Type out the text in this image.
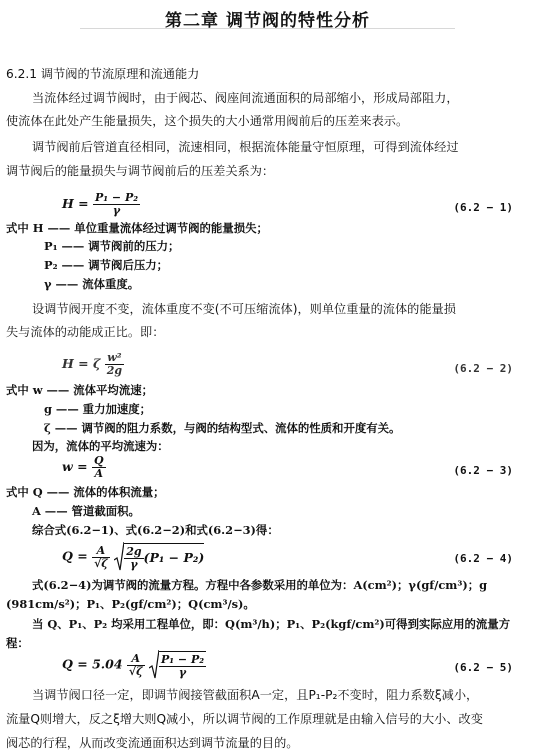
第二章 调节阀的特性分析
6.2.1 调节阀的节流原理和流通能力
当流体经过调节阀时，由于阀芯、阀座间流通面积的局部缩小，形成局部阻力，
使流体在此处产生能量损失，这个损失的大小通常用阀前后的压差来表示。
调节阀前后管道直径相同，流速相同，根据流体能量守恒原理，可得到流体经过
调节阀后的能量损失与调节阀前后的压差关系为：
$H = \frac{\text{P₁ − P₂}}{\gamma}$	(6.2 − 1)
式中 H —— 单位重量流体经过调节阀的能量损失；
P₁ —— 调节阀前的压力；
P₂ —— 调节阀后压力；
γ —— 流体重度。
设调节阀开度不变，流体重度不变(不可压缩流体)，则单位重量的流体的能量损
失与流体的动能成正比。即：
H = ζ $\frac{\text{w²}}{2g}$	(6.2 − 2)
式中 w —— 流体平均流速；
g —— 重力加速度；
ζ —— 调节阀的阻力系数，与阀的结构型式、流体的性质和开度有关。
因为，流体的平均流速为：
$w = \frac{Q}{A}$	(6.2 − 3)
式中 Q —— 流体的体积流量；
A —— 管道截面积。
综合式(6.2−1)、式(6.2−2)和式(6.2−3)得：
$Q = \frac{A}{√\zeta}$
$\frac{2g}{\gamma} (P_1 - P_2)$	(6.2 − 4)
式(6.2−4)为调节阀的流量方程。方程中各参数采用的单位为：A(cm²)；γ(gf/cm³)；g
(981cm/s²)；P₁、P₂(gf/cm²)；Q(cm³/s)。
当 Q、P₁、P₂ 均采用工程单位，即：Q(m³/h)；P₁、P₂(kgf/cm²)可得到实际应用的流量方
程：
$Q = 5.04 \frac{A}{√\zeta}$
$\frac{\text{P₁ − P₂}}{\gamma}$	(6.2 − 5)
当调节阀口径一定，即调节阀接管截面积A一定，且P₁-P₂不变时，阻力系数ξ减小，
流量Q则增大，反之ξ增大则Q减小，所以调节阀的工作原理就是由输入信号的大小、改变
阀芯的行程，从而改变流通面积达到调节流量的目的。
